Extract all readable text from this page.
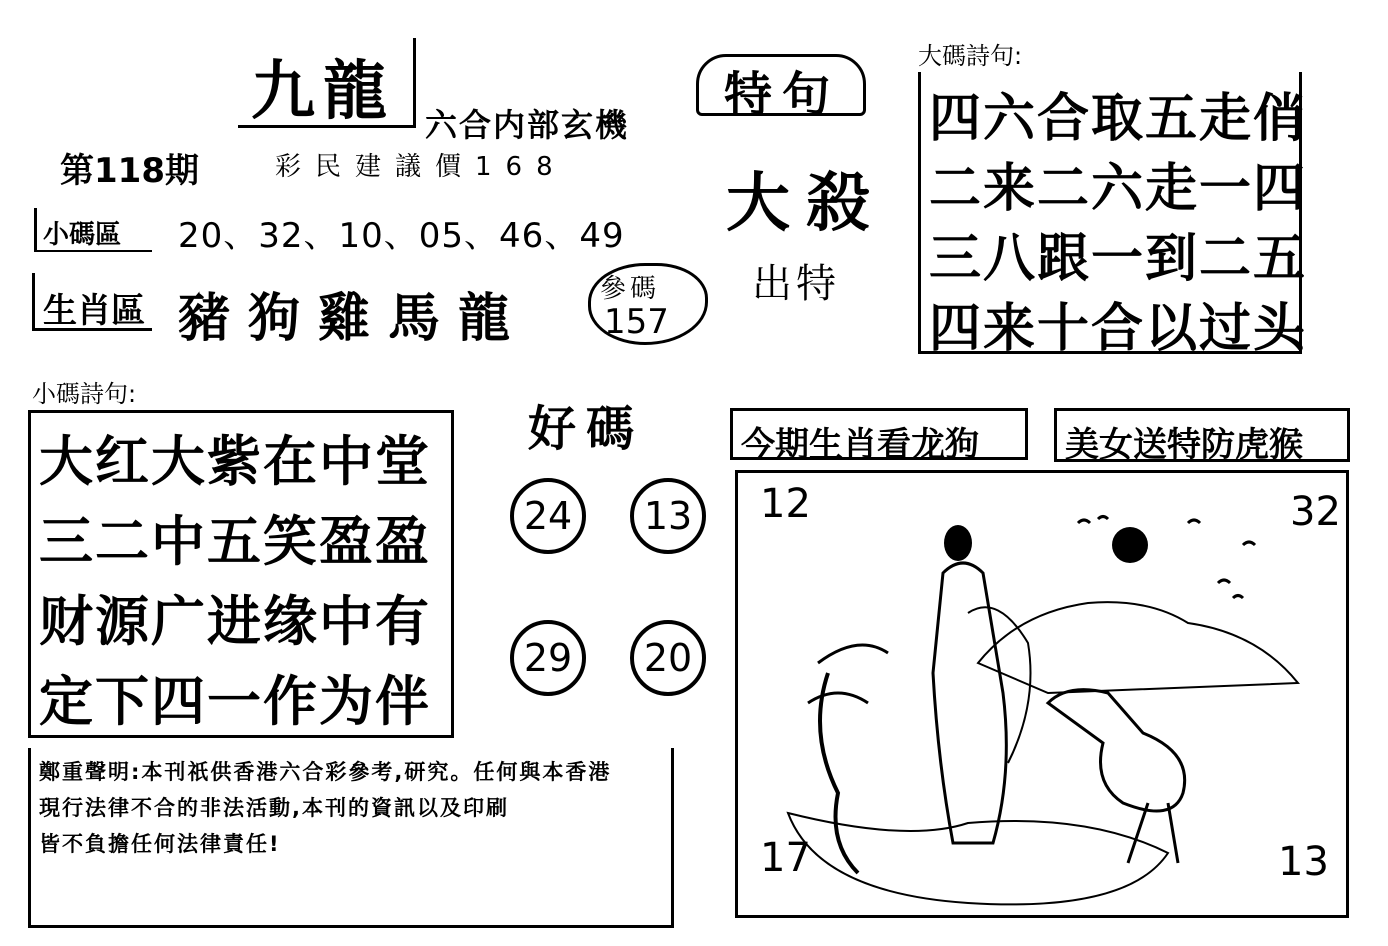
九龍 六合内部玄機
第118期	彩民建議價168
小碼區	20、32、10、05、46、49
生肖區 豬狗雞馬龍	參碼
157
特句
大殺
出特
大碼詩句:
四六合取五走俏
二来二六走一四
三八跟一到二五
四来十合以过头
小碼詩句:
大红大紫在中堂
三二中五笑盈盈
财源广进缘中有
定下四一作为伴
好碼
24	13
29	20
今期生肖看龙狗	美女送特防虎猴
12	32
17	13
鄭重聲明:本刊祇供香港六合彩參考,研究。任何與本香港
現行法律不合的非法活動,本刊的資訊以及印刷
皆不負擔任何法律責任!
